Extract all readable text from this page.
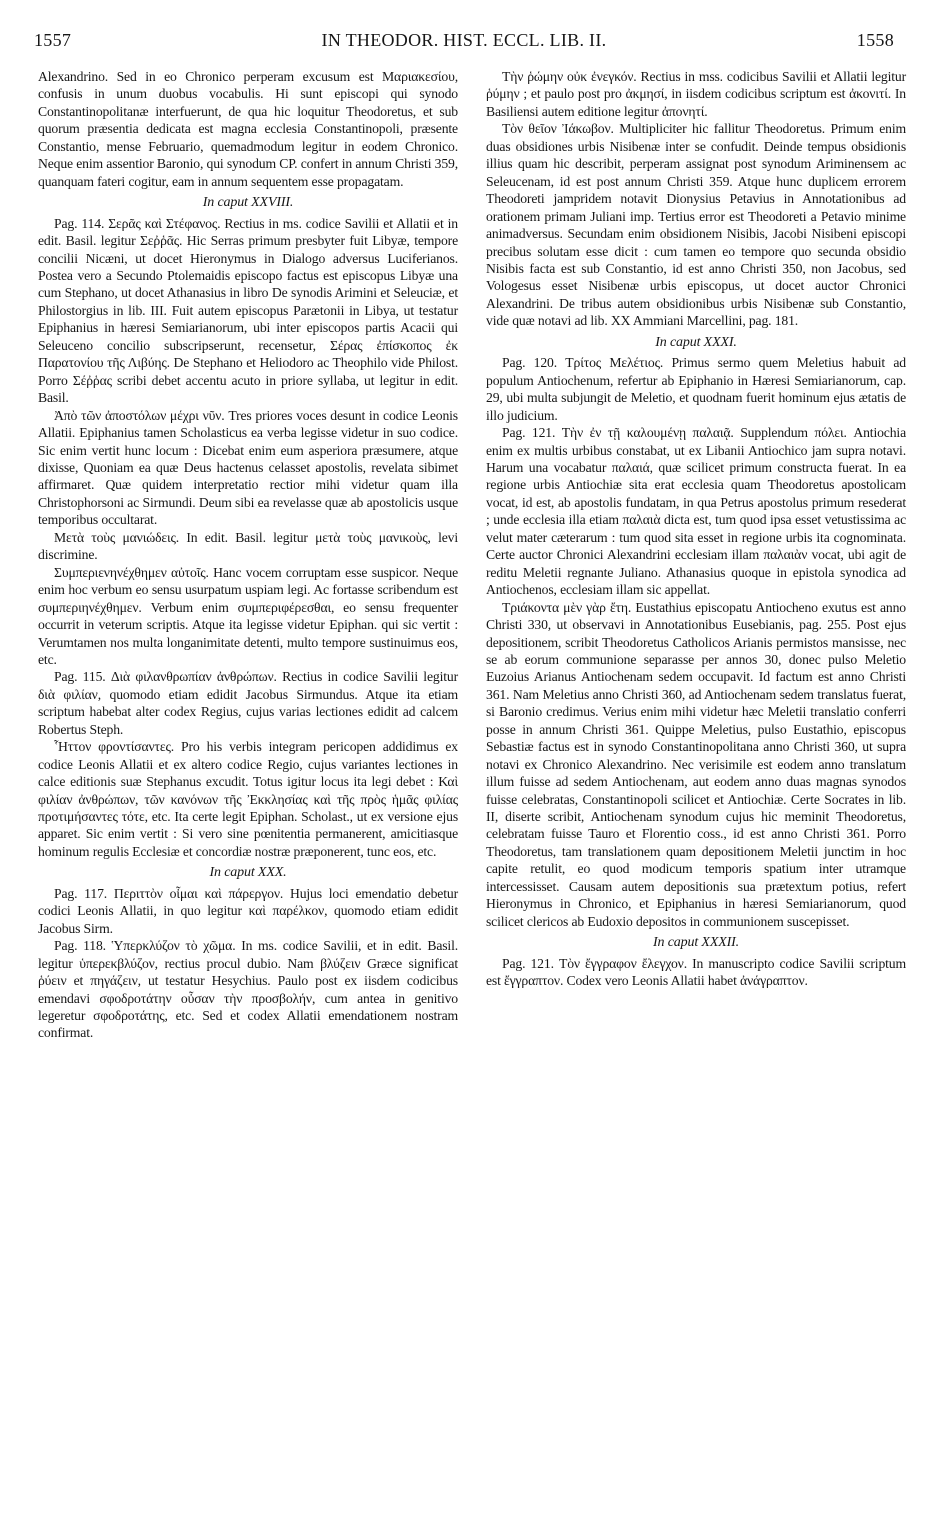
1557	IN THEODOR. HIST. ECCL. LIB. II.	1558

Alexandrino. Sed in eo Chronico perperam excusum est Μαριακεσίου, confusis in unum duobus vocabulis. Hi sunt episcopi qui synodo Constantinopolitanæ interfuerunt, de qua hic loquitur Theodoretus, et sub quorum præsentia dedicata est magna ecclesia Constantinopoli, præsente Constantio, mense Februario, quemadmodum legitur in eodem Chronico. Neque enim assentior Baronio, qui synodum CP. confert in annum Christi 359, quanquam fateri cogitur, eam in annum sequentem esse propagatam.

In caput XXVIII.

Pag. 114. Σερᾶς καὶ Στέφανος. Rectius in ms. codice Savilii et Allatii et in edit. Basil. legitur Σεῤῥᾶς. Hic Serras primum presbyter fuit Libyæ, tempore concilii Nicæni, ut docet Hieronymus in Dialogo adversus Luciferianos. Postea vero a Secundo Ptolemaidis episcopo factus est episcopus Libyæ una cum Stephano, ut docet Athanasius in libro De synodis Arimini et Seleuciæ, et Philostorgius in lib. III. Fuit autem episcopus Parætonii in Libya, ut testatur Epiphanius in hæresi Semiarianorum, ubi inter episcopos partis Acacii qui Seleuceno concilio subscripserunt, recensetur, Σέρας ἐπίσκοπος ἐκ Παρατονίου τῆς Λιβύης. De Stephano et Heliodoro ac Theophilo vide Philost. Porro Σέῤῥας scribi debet accentu acuto in priore syllaba, ut legitur in edit. Basil.

Ἀπὸ τῶν ἀποστόλων μέχρι νῦν. Tres priores voces desunt in codice Leonis Allatii. Epiphanius tamen Scholasticus ea verba legisse videtur in suo codice. Sic enim vertit hunc locum : Dicebat enim eum asperiora præsumere, atque dixisse, Quoniam ea quæ Deus hactenus celasset apostolis, revelata sibimet affirmaret. Quæ quidem interpretatio rectior mihi videtur quam illa Christophorsoni ac Sirmundi. Deum sibi ea revelasse quæ ab apostolicis usque temporibus occultarat.

Μετὰ τοὺς μανιώδεις. In edit. Basil. legitur μετὰ τοὺς μανικοὺς, levi discrimine.

Συμπεριενηνέχθημεν αὐτοῖς. Hanc vocem corruptam esse suspicor. Neque enim hoc verbum eo sensu usurpatum uspiam legi. Ac fortasse scribendum est συμπεριηνέχθημεν. Verbum enim συμπεριφέρεσθαι, eo sensu frequenter occurrit in veterum scriptis. Atque ita legisse videtur Epiphan. qui sic vertit : Verumtamen nos multa longanimitate detenti, multo tempore sustinuimus eos, etc.

Pag. 115. Διὰ φιλανθρωπίαν ἀνθρώπων. Rectius in codice Savilii legitur διὰ φιλίαν, quomodo etiam edidit Jacobus Sirmundus. Atque ita etiam scriptum habebat alter codex Regius, cujus varias lectiones edidit ad calcem Robertus Steph.

Ἧττον φροντίσαντες. Pro his verbis integram pericopen addidimus ex codice Leonis Allatii et ex altero codice Regio, cujus variantes lectiones in calce editionis suæ Stephanus excudit. Totus igitur locus ita legi debet : Καὶ φιλίαν ἀνθρώπων, τῶν κανόνων τῆς Ἐκκλησίας καὶ τῆς πρὸς ἡμᾶς φιλίας προτιμήσαντες τότε, etc. Ita certe legit Epiphan. Scholast., ut ex versione ejus apparet. Sic enim vertit : Si vero sine pœnitentia permanerent, amicitiasque hominum regulis Ecclesiæ et concordiæ nostræ præponerent, tunc eos, etc.

In caput XXX.

Pag. 117. Περιττὸν οἶμαι καὶ πάρεργον. Hujus loci emendatio debetur codici Leonis Allatii, in quo legitur καὶ παρέλκον, quomodo etiam edidit Jacobus Sirm.

Pag. 118. Ὑπερκλύζον τὸ χῶμα. In ms. codice Savilii, et in edit. Basil. legitur ὑπερεκβλύζον, rectius procul dubio. Nam βλύζειν Græce significat ῥύειν et πηγάζειν, ut testatur Hesychius. Paulo post ex iisdem codicibus emendavi σφοδροτάτην οὖσαν τὴν προσβολήν, cum antea in genitivo legeretur σφοδροτάτης, etc. Sed et codex Allatii emendationem nostram confirmat.

Τὴν ῥώμην οὐκ ἐνεγκόν. Rectius in mss. codicibus Savilii et Allatii legitur ῥύμην ; et paulo post pro ἀκμησί, in iisdem codicibus scriptum est ἀκονιτί. In Basiliensi autem editione legitur ἀπονητί.

Τὸν θεῖον Ἰάκωβον. Multipliciter hic fallitur Theodoretus. Primum enim duas obsidiones urbis Nisibenæ inter se confudit. Deinde tempus obsidionis illius quam hic describit, perperam assignat post synodum Ariminensem ac Seleucenam, id est post annum Christi 359. Atque hunc duplicem errorem Theodoreti jampridem notavit Dionysius Petavius in Annotationibus ad orationem primam Juliani imp. Tertius error est Theodoreti a Petavio minime animadversus. Secundam enim obsidionem Nisibis, Jacobi Nisibeni episcopi precibus solutam esse dicit : cum tamen eo tempore quo secunda obsidio Nisibis facta est sub Constantio, id est anno Christi 350, non Jacobus, sed Vologesus esset Nisibenæ urbis episcopus, ut docet auctor Chronici Alexandrini. De tribus autem obsidionibus urbis Nisibenæ sub Constantio, vide quæ notavi ad lib. XX Ammiani Marcellini, pag. 181.

In caput XXXI.

Pag. 120. Τρίτος Μελέτιος. Primus sermo quem Meletius habuit ad populum Antiochenum, refertur ab Epiphanio in Hæresi Semiarianorum, cap. 29, ubi multa subjungit de Meletio, et quodnam fuerit hominum ejus ætatis de illo judicium.

Pag. 121. Τὴν ἐν τῇ καλουμένῃ παλαιᾷ. Supplendum πόλει. Antiochia enim ex multis urbibus constabat, ut ex Libanii Antiochico jam supra notavi. Harum una vocabatur παλαιά, quæ scilicet primum constructa fuerat. In ea regione urbis Antiochiæ sita erat ecclesia quam Theodoretus apostolicam vocat, id est, ab apostolis fundatam, in qua Petrus apostolus primum resederat ; unde ecclesia illa etiam παλαιὰ dicta est, tum quod ipsa esset vetustissima ac velut mater cæterarum : tum quod sita esset in regione urbis ita cognominata. Certe auctor Chronici Alexandrini ecclesiam illam παλαιὰν vocat, ubi agit de reditu Meletii regnante Juliano. Athanasius quoque in epistola synodica ad Antiochenos, ecclesiam illam sic appellat.

Τριάκοντα μὲν γὰρ ἔτη. Eustathius episcopatu Antiocheno exutus est anno Christi 330, ut observavi in Annotationibus Eusebianis, pag. 255. Post ejus depositionem, scribit Theodoretus Catholicos Arianis permistos mansisse, nec se ab eorum communione separasse per annos 30, donec pulso Meletio Euzoius Arianus Antiochenam sedem occupavit. Id factum est anno Christi 361. Nam Meletius anno Christi 360, ad Antiochenam sedem translatus fuerat, si Baronio credimus. Verius enim mihi videtur hæc Meletii translatio conferri posse in annum Christi 361. Quippe Meletius, pulso Eustathio, episcopus Sebastiæ factus est in synodo Constantinopolitana anno Christi 360, ut supra notavi ex Chronico Alexandrino. Nec verisimile est eodem anno translatum illum fuisse ad sedem Antiochenam, aut eodem anno duas magnas synodos fuisse celebratas, Constantinopoli scilicet et Antiochiæ. Certe Socrates in lib. II, diserte scribit, Antiochenam synodum cujus hic meminit Theodoretus, celebratam fuisse Tauro et Florentio coss., id est anno Christi 361. Porro Theodoretus, tam translationem quam depositionem Meletii junctim in hoc capite retulit, eo quod modicum temporis spatium inter utramque intercessisset. Causam autem depositionis sua prætextum potius, refert Hieronymus in Chronico, et Epiphanius in hæresi Semiarianorum, quod scilicet clericos ab Eudoxio depositos in communionem suscepisset.

In caput XXXII.

Pag. 121. Τὸν ἔγγραφον ἔλεγχον. In manuscripto codice Savilii scriptum est ἔγγραπτον. Codex vero Leonis Allatii habet ἀνάγραπτον.
